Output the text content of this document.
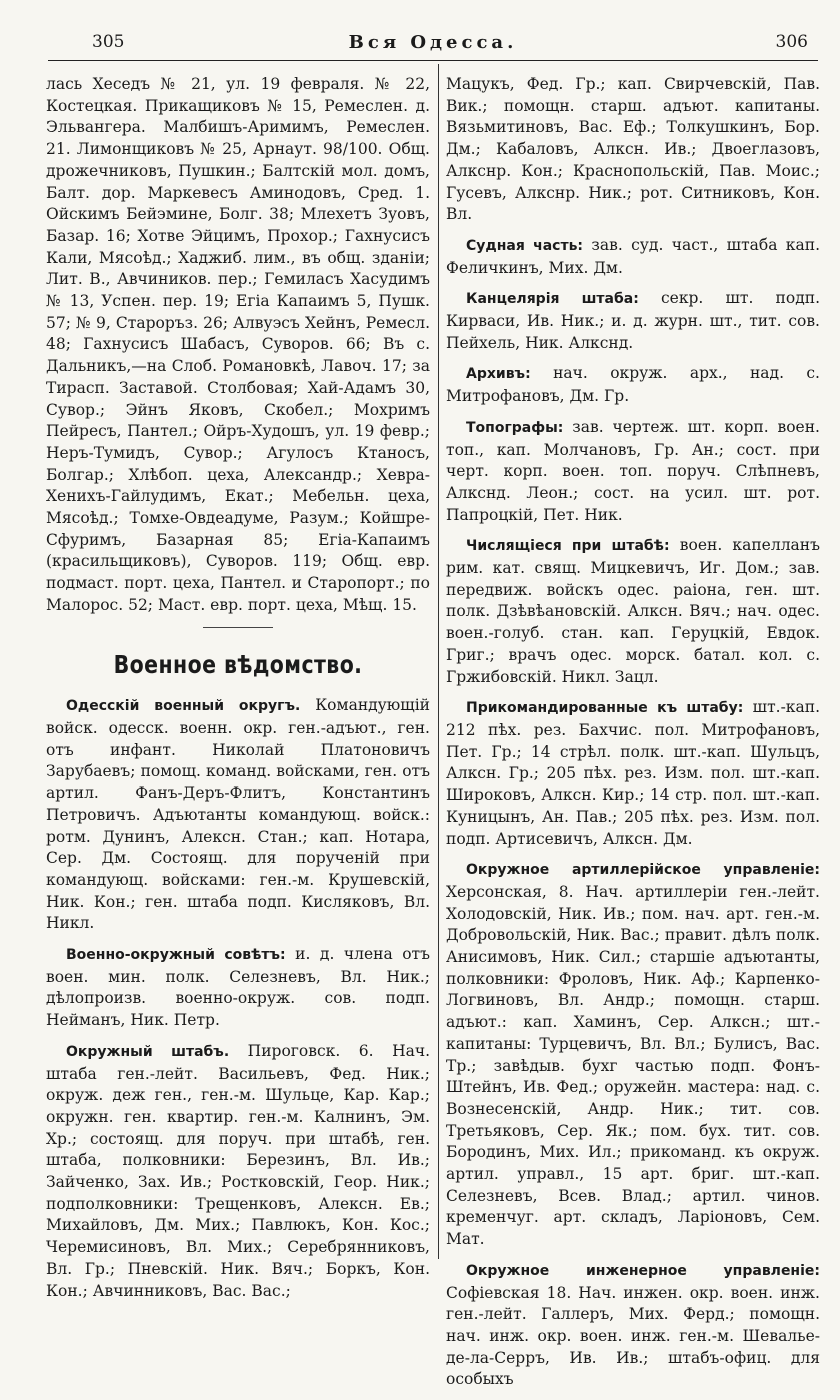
305	Вся Одесса.	306

лась Хеседъ № 21, ул. 19 февраля. № 22, Костецкая. Прикащиковъ № 15, Ремеслен. д. Эльвангера. Малбишъ-Аримимъ, Ремеслен. 21. Лимонщиковъ № 25, Арнаут. 98/100. Общ. дрожечниковъ, Пушкин.; Балтскій мол. домъ, Балт. дор. Маркевесъ Аминодовъ, Сред. 1. Ойскимъ Бейэмине, Болг. 38; Млехетъ Зуовъ, Базар. 16; Хотве Эйцимъ, Прохор.; Гахнусисъ Кали, Мясоѣд.; Хаджиб. лим., въ общ. зданіи; Лит. В., Авчиников. пер.; Гемиласъ Хасудимъ № 13, Успен. пер. 19; Егіа Капаимъ 5, Пушк. 57; № 9, Староръз. 26; Алвуэсъ Хейнъ, Ремесл. 48; Гахнусисъ Шабасъ, Суворов. 66; Въ с. Дальникъ,—на Слоб. Романовкѣ, Лавоч. 17; за Тирасп. Заставой. Столбовая; Хай-Адамъ 30, Сувор.; Эйнъ Яковъ, Скобел.; Мохримъ Пейресъ, Пантел.; Ойръ-Худошъ, ул. 19 февр.; Неръ-Тумидъ, Сувор.; Агулосъ Ктаносъ, Болгар.; Хлѣбоп. цеха, Александр.; Хевра-Хенихъ-Гайлудимъ, Екат.; Мебельн. цеха, Мясоѣд.; Томхе-Овдеадуме, Разум.; Койшре-Сфуримъ, Базарная 85; Егіа-Капаимъ (красильщиковъ), Суворов. 119; Общ. евр. подмаст. порт. цеха, Пантел. и Старопорт.; по Малорос. 52; Маст. евр. порт. цеха, Мѣщ. 15.

Военное вѣдомство.

Одесскій военный округъ. Командующій войск. одесск. военн. окр. ген.-адъют., ген. отъ инфант. Николай Платоновичъ Зарубаевъ; помощ. команд. войсками, ген. отъ артил. Фанъ-Деръ-Флитъ, Константинъ Петровичъ. Адъютанты командующ. войск.: ротм. Дунинъ, Алексн. Стан.; кап. Нотара, Сер. Дм. Состоящ. для порученій при командующ. войсками: ген.-м. Крушевскій, Ник. Кон.; ген. штаба подп. Кисляковъ, Вл. Никл.

Военно-окружный совѣтъ: и. д. члена отъ воен. мин. полк. Селезневъ, Вл. Ник.; дѣлопроизв. военно-окруж. сов. подп. Нейманъ, Ник. Петр.

Окружный штабъ. Пироговск. 6. Нач. штаба ген.-лейт. Васильевъ, Фед. Ник.; окруж. деж ген., ген.-м. Шульце, Кар. Кар.; окружн. ген. квартир. ген.-м. Калнинъ, Эм. Хр.; состоящ. для поруч. при штабѣ, ген. штаба, полковники: Березинъ, Вл. Ив.; Зайченко, Зах. Ив.; Ростковскій, Геор. Ник.; подполковники: Трещенковъ, Алексн. Ев.; Михайловъ, Дм. Мих.; Павлюкъ, Кон. Кос.; Черемисиновъ, Вл. Мих.; Серебрянниковъ, Вл. Гр.; Пневскій. Ник. Вяч.; Боркъ, Кон. Кон.; Авчинниковъ, Вас. Вас.;

Мацукъ, Фед. Гр.; кап. Свирчевскій, Пав. Вик.; помощн. старш. адъют. капитаны. Вязьмитиновъ, Вас. Еф.; Толкушкинъ, Бор. Дм.; Кабаловъ, Алксн. Ив.; Двоеглазовъ, Алкснр. Кон.; Краснопольскій, Пав. Моис.; Гусевъ, Алкснр. Ник.; рот. Ситниковъ, Кон. Вл.

Судная часть: зав. суд. част., штаба кап. Феличкинъ, Мих. Дм.

Канцелярія штаба: секр. шт. подп. Кирваси, Ив. Ник.; и. д. журн. шт., тит. сов. Пейхель, Ник. Алкснд.

Архивъ: нач. окруж. арх., над. с. Митрофановъ, Дм. Гр.

Топографы: зав. чертеж. шт. корп. воен. топ., кап. Молчановъ, Гр. Ан.; сост. при черт. корп. воен. топ. поруч. Слѣпневъ, Алкснд. Леон.; сост. на усил. шт. рот. Папроцкій, Пет. Ник.

Числящіеся при штабѣ: воен. капелланъ рим. кат. свящ. Мицкевичъ, Иг. Дом.; зав. передвиж. войскъ одес. раіона, ген. шт. полк. Дзѣвѣановскій. Алксн. Вяч.; нач. одес. воен.-голуб. стан. кап. Геруцкій, Евдок. Григ.; врачъ одес. морск. батал. кол. с. Гржибовскій. Никл. Зацл.

Прикомандированные къ штабу: шт.-кап. 212 пѣх. рез. Бахчис. пол. Митрофановъ, Пет. Гр.; 14 стрѣл. полк. шт.-кап. Шульцъ, Алксн. Гр.; 205 пѣх. рез. Изм. пол. шт.-кап. Широковъ, Алксн. Кир.; 14 стр. пол. шт.-кап. Куницынъ, Ан. Пав.; 205 пѣх. рез. Изм. пол. подп. Артисевичъ, Алксн. Дм.

Окружное артиллерійское управленіе: Херсонская, 8. Нач. артиллеріи ген.-лейт. Холодовскій, Ник. Ив.; пом. нач. арт. ген.-м. Добровольскій, Ник. Вас.; правит. дѣлъ полк. Анисимовъ, Ник. Сил.; старшіе адъютанты, полковники: Фроловъ, Ник. Аф.; Карпенко-Логвиновъ, Вл. Андр.; помощн. старш. адъют.: кап. Хаминъ, Сер. Алксн.; шт.-капитаны: Турцевичъ, Вл. Вл.; Булисъ, Вас. Тр.; завѣдыв. бухг частью подп. Фонъ-Штейнъ, Ив. Фед.; оружейн. мастера: над. с. Вознесенскій, Андр. Ник.; тит. сов. Третьяковъ, Сер. Як.; пом. бух. тит. сов. Бородинъ, Мих. Ил.; прикоманд. къ окруж. артил. управл., 15 арт. бриг. шт.-кап. Селезневъ, Всев. Влад.; артил. чинов. кременчуг. арт. складъ, Ларіоновъ, Сем. Мат.

Окружное инженерное управленіе: Софіевская 18. Нач. инжен. окр. воен. инж. ген.-лейт. Галлеръ, Мих. Ферд.; помощн. нач. инж. окр. воен. инж. ген.-м. Шевалье-де-ла-Серръ, Ив. Ив.; штабъ-офиц. для особыхъ
